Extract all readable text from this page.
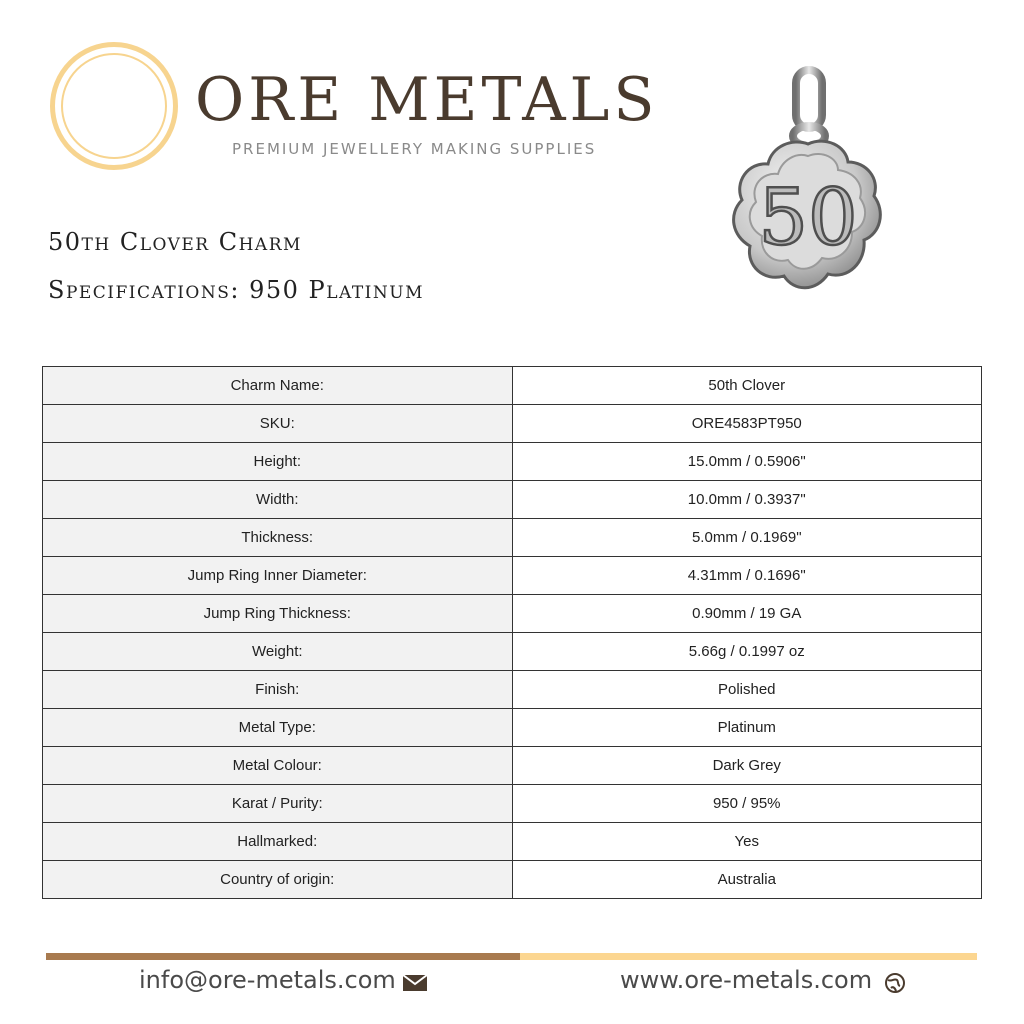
ORE METALS
PREMIUM JEWELLERY MAKING SUPPLIES
50th Clover Charm
Specifications: 950 Platinum
50
Charm Name:	50th Clover
SKU:	ORE4583PT950
Height:	15.0mm / 0.5906"
Width:	10.0mm / 0.3937"
Thickness:	5.0mm / 0.1969"
Jump Ring Inner Diameter:	4.31mm / 0.1696"
Jump Ring Thickness:	0.90mm / 19 GA
Weight:	5.66g / 0.1997 oz
Finish:	Polished
Metal Type:	Platinum
Metal Colour:	Dark Grey
Karat / Purity:	950 / 95%
Hallmarked:	Yes
Country of origin:	Australia
info@ore-metals.com	www.ore-metals.com
